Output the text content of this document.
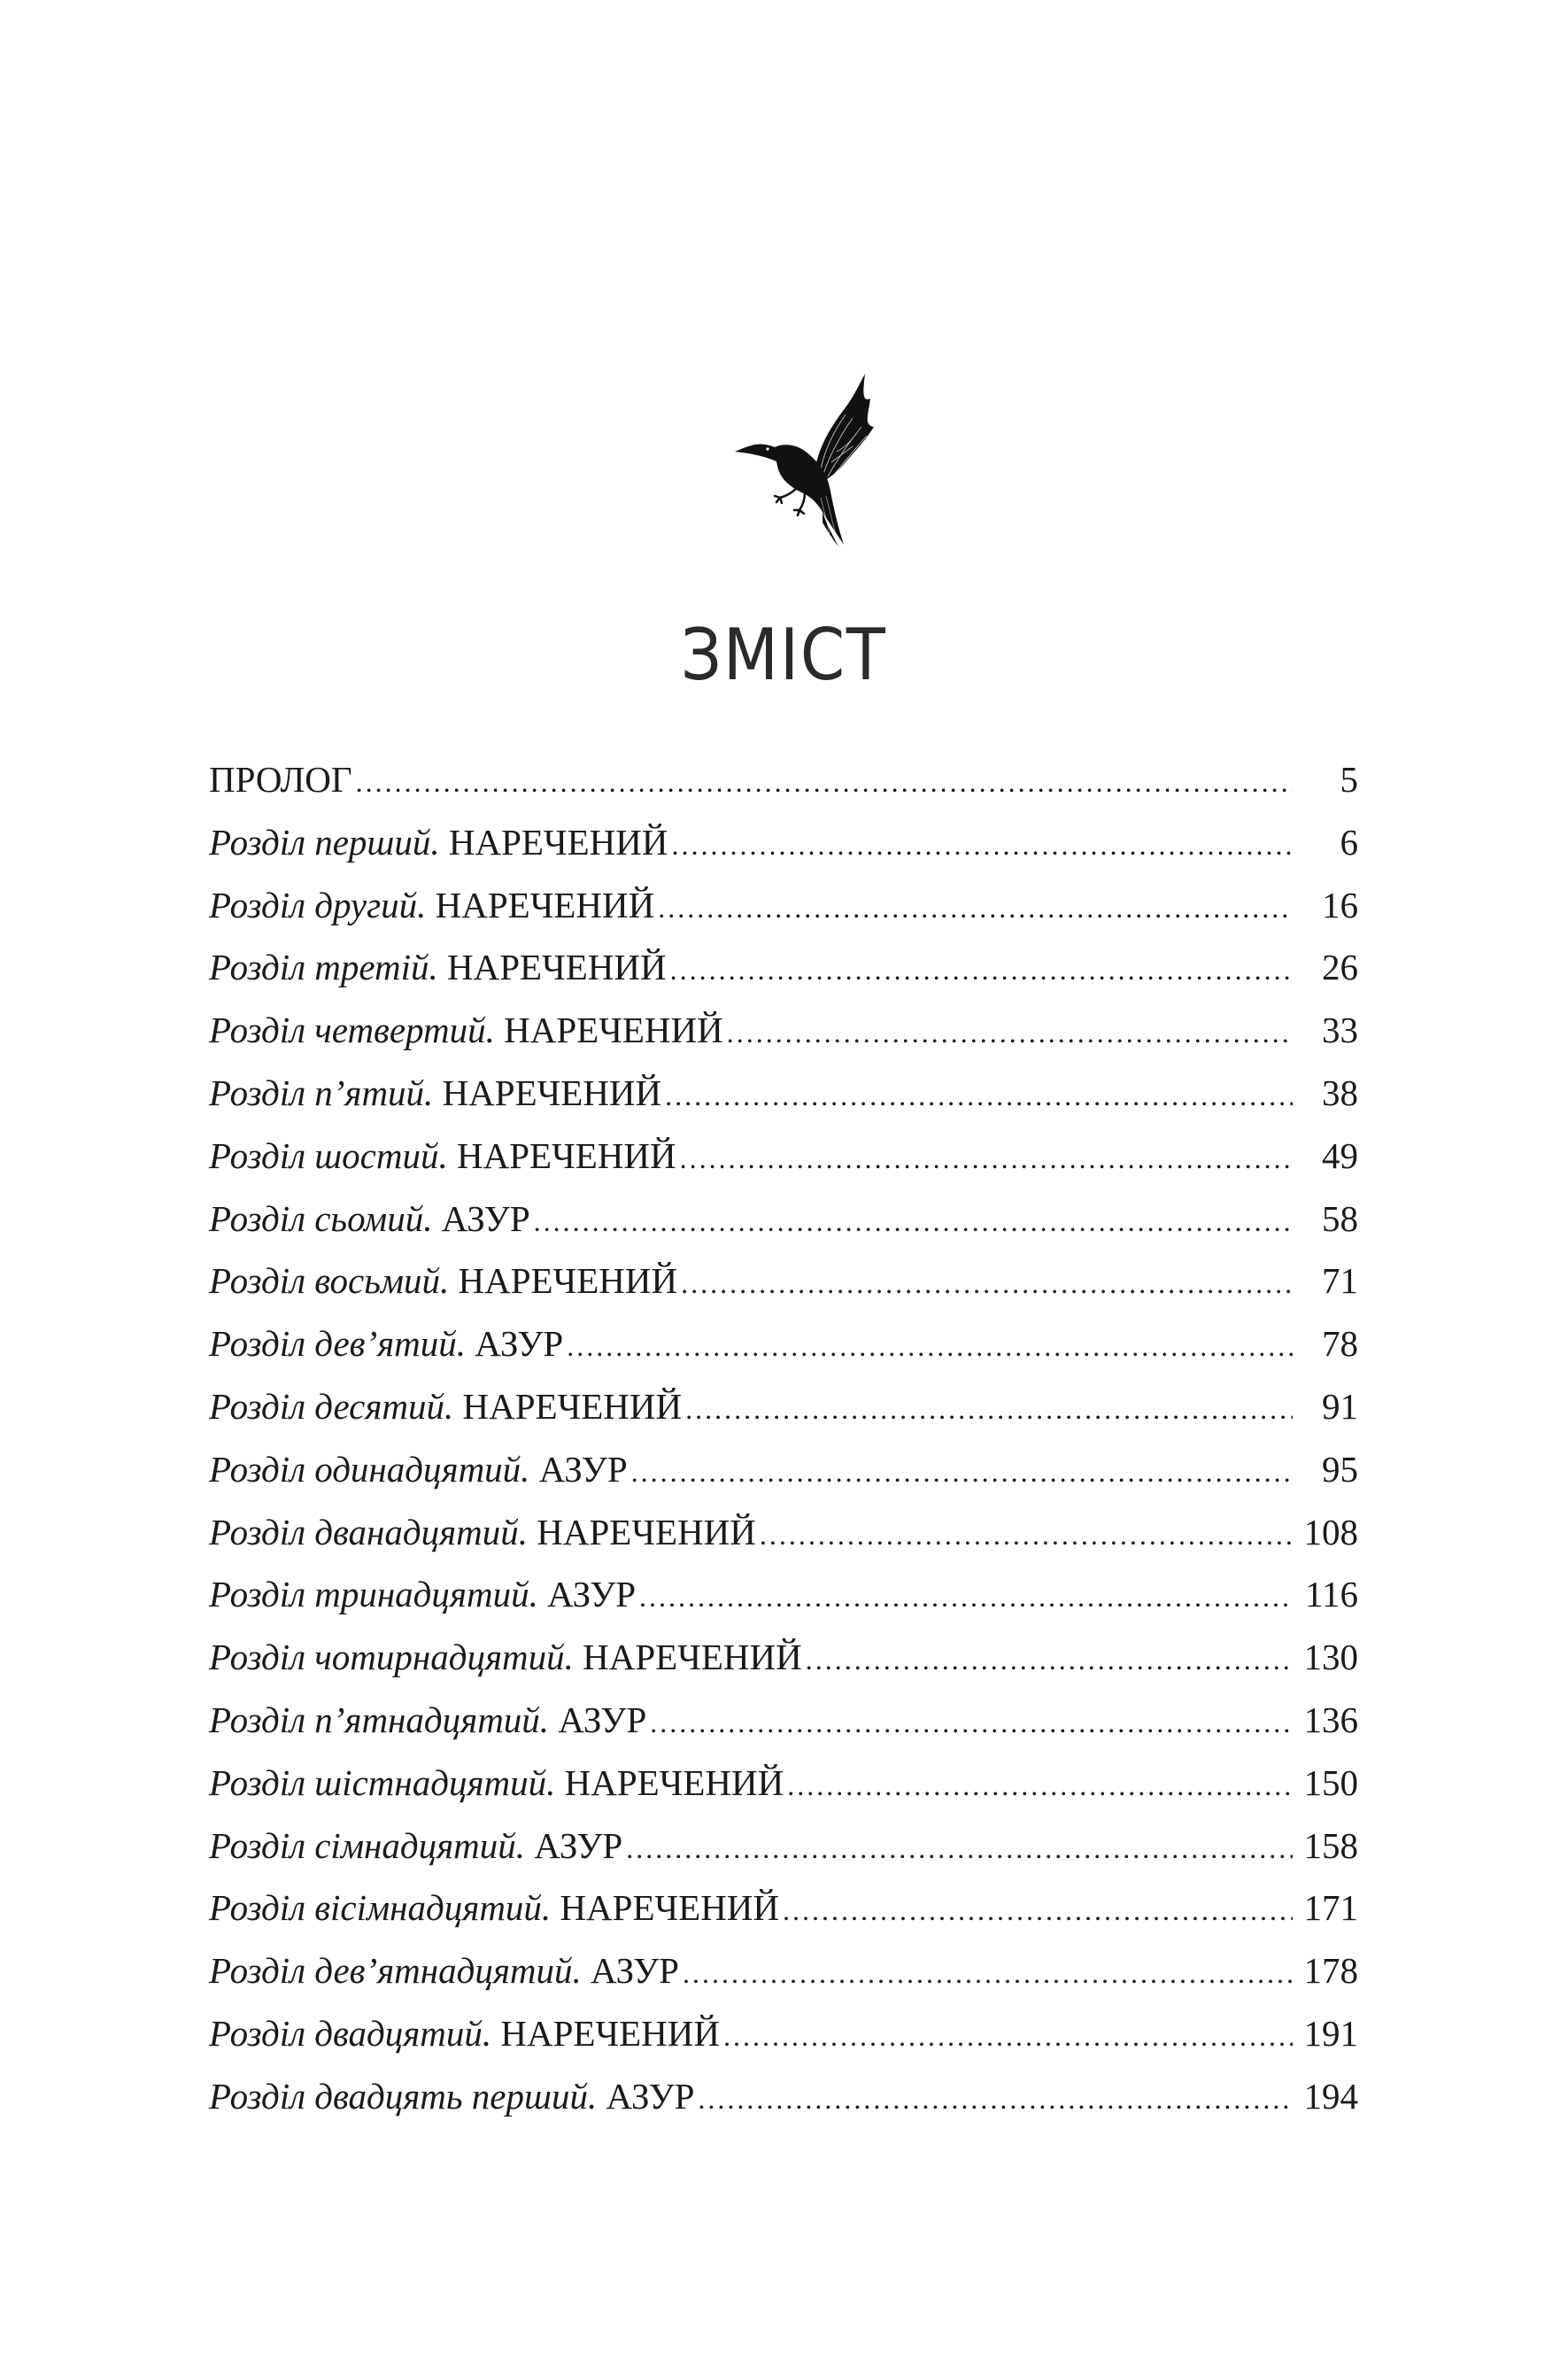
ЗМІСТ
ПРОЛОГ .....	5
Розділ перший. НАРЕЧЕНИЙ .....	6
Розділ другий. НАРЕЧЕНИЙ .....	16
Розділ третій. НАРЕЧЕНИЙ .....	26
Розділ четвертий. НАРЕЧЕНИЙ .....	33
Розділ п’ятий. НАРЕЧЕНИЙ .....	38
Розділ шостий. НАРЕЧЕНИЙ .....	49
Розділ сьомий. АЗУР .....	58
Розділ восьмий. НАРЕЧЕНИЙ .....	71
Розділ дев’ятий. АЗУР .....	78
Розділ десятий. НАРЕЧЕНИЙ .....	91
Розділ одинадцятий. АЗУР .....	95
Розділ дванадцятий. НАРЕЧЕНИЙ .....	108
Розділ тринадцятий. АЗУР .....	116
Розділ чотирнадцятий. НАРЕЧЕНИЙ .....	130
Розділ п’ятнадцятий. АЗУР .....	136
Розділ шістнадцятий. НАРЕЧЕНИЙ .....	150
Розділ сімнадцятий. АЗУР .....	158
Розділ вісімнадцятий. НАРЕЧЕНИЙ .....	171
Розділ дев’ятнадцятий. АЗУР .....	178
Розділ двадцятий. НАРЕЧЕНИЙ .....	191
Розділ двадцять перший. АЗУР .....	194
